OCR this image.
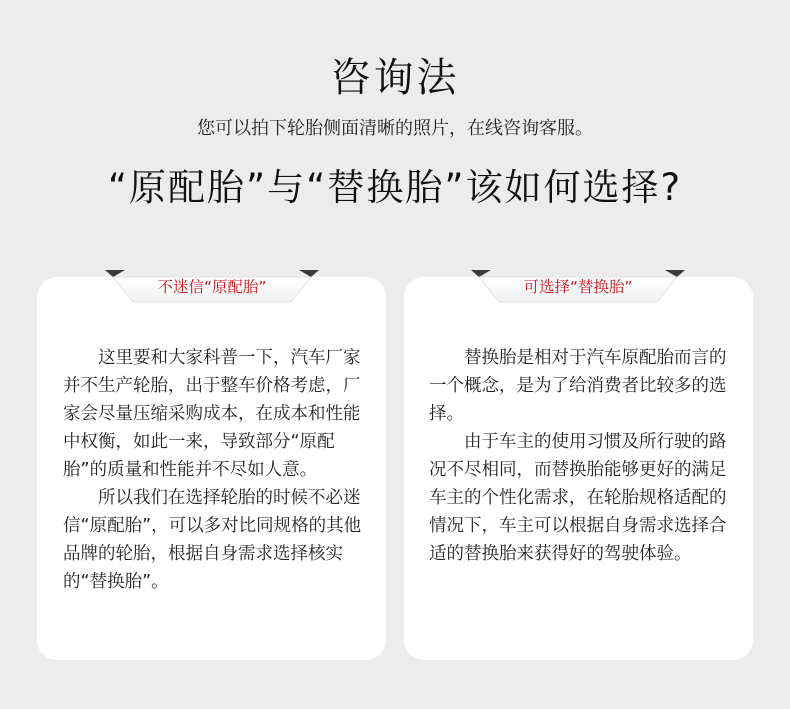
咨询法
您可以拍下轮胎侧面清晰的照片，在线咨询客服。
“原配胎”与“替换胎”该如何选择?

这里要和大家科普一下，汽车厂家并不生产轮胎，出于整车价格考虑，厂家会尽量压缩采购成本，在成本和性能中权衡，如此一来，导致部分“原配胎”的质量和性能并不尽如人意。

所以我们在选择轮胎的时候不必迷信“原配胎”，可以多对比同规格的其他品牌的轮胎，根据自身需求选择核实的“替换胎”。

替换胎是相对于汽车原配胎而言的一个概念，是为了给消费者比较多的选择。

由于车主的使用习惯及所行驶的路况不尽相同，而替换胎能够更好的满足车主的个性化需求，在轮胎规格适配的情况下，车主可以根据自身需求选择合适的替换胎来获得好的驾驶体验。

不迷信“原配胎”	可选择“替换胎”
